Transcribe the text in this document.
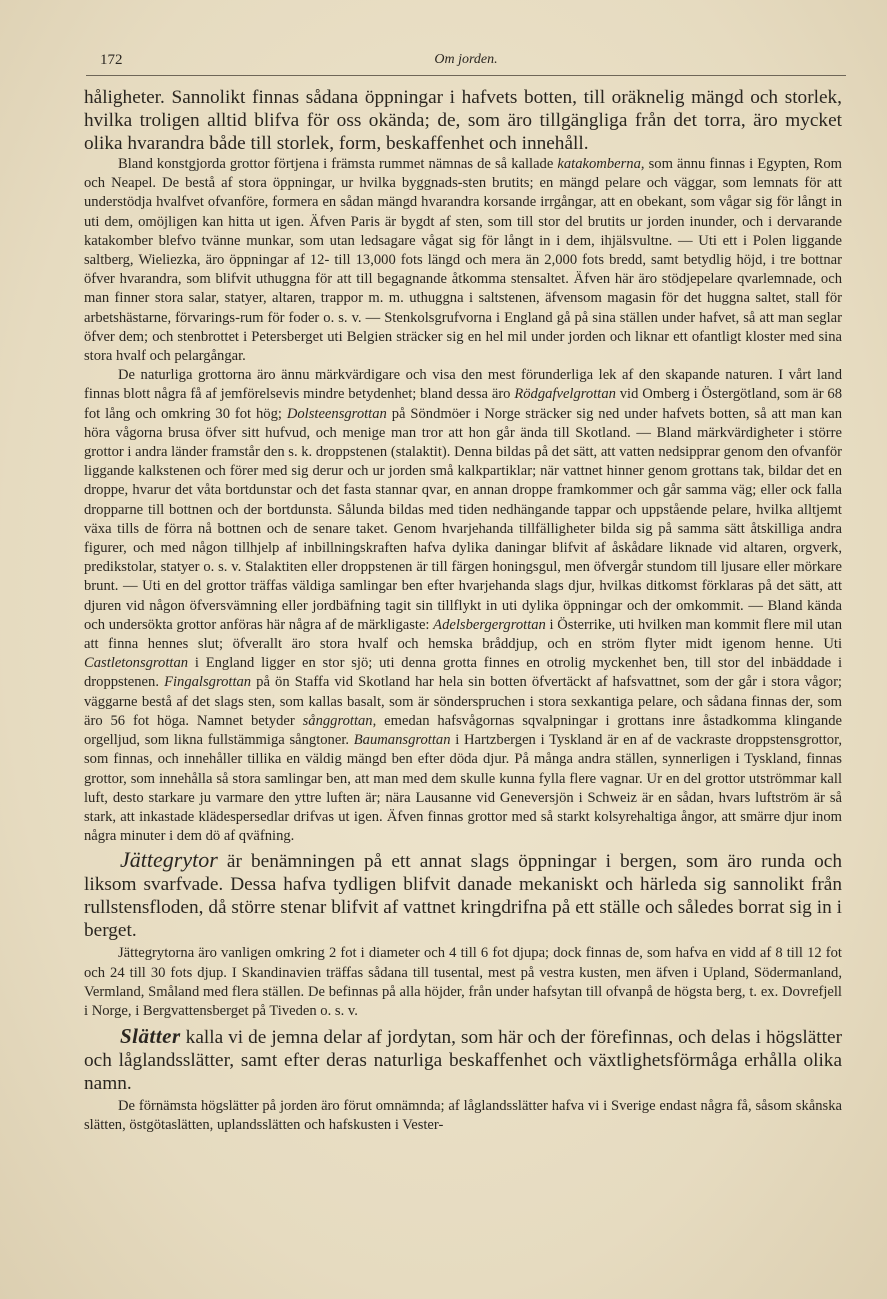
172	Om jorden.

håligheter. Sannolikt finnas sådana öppningar i hafvets botten, till oräknelig mängd och storlek, hvilka troligen alltid blifva för oss okända; de, som äro tillgängliga från det torra, äro mycket olika hvarandra både till storlek, form, beskaffenhet och innehåll.

Bland konstgjorda grottor förtjena i främsta rummet nämnas de så kallade katakomberna, som ännu finnas i Egypten, Rom och Neapel. De bestå af stora öppningar, ur hvilka byggnads-sten brutits; en mängd pelare och väggar, som lemnats för att understödja hvalfvet ofvanföre, formera en sådan mängd hvarandra korsande irrgångar, att en obekant, som vågar sig för långt in uti dem, omöjligen kan hitta ut igen. Äfven Paris är bygdt af sten, som till stor del brutits ur jorden inunder, och i dervarande katakomber blefvo tvänne munkar, som utan ledsagare vågat sig för långt in i dem, ihjälsvultne. — Uti ett i Polen liggande saltberg, Wieliezka, äro öppningar af 12- till 13,000 fots längd och mera än 2,000 fots bredd, samt betydlig höjd, i tre bottnar öfver hvarandra, som blifvit uthuggna för att till begagnande åtkomma stensaltet. Äfven här äro stödjepelare qvarlemnade, och man finner stora salar, statyer, altaren, trappor m. m. uthuggna i saltstenen, äfvensom magasin för det huggna saltet, stall för arbetshästarne, förvarings-rum för foder o. s. v. — Stenkolsgrufvorna i England gå på sina ställen under hafvet, så att man seglar öfver dem; och stenbrottet i Petersberget uti Belgien sträcker sig en hel mil under jorden och liknar ett ofantligt kloster med sina stora hvalf och pelargångar.

De naturliga grottorna äro ännu märkvärdigare och visa den mest förunderliga lek af den skapande naturen. I vårt land finnas blott några få af jemförelsevis mindre betydenhet; bland dessa äro Rödgafvelgrottan vid Omberg i Östergötland, som är 68 fot lång och omkring 30 fot hög; Dolsteensgrottan på Söndmöer i Norge sträcker sig ned under hafvets botten, så att man kan höra vågorna brusa öfver sitt hufvud, och menige man tror att hon går ända till Skotland. — Bland märkvärdigheter i större grottor i andra länder framstår den s. k. droppstenen (stalaktit). Denna bildas på det sätt, att vatten nedsipprar genom den ofvanför liggande kalkstenen och förer med sig derur och ur jorden små kalkpartiklar; när vattnet hinner genom grottans tak, bildar det en droppe, hvarur det våta bortdunstar och det fasta stannar qvar, en annan droppe framkommer och går samma väg; eller ock falla dropparne till bottnen och der bortdunsta. Sålunda bildas med tiden nedhängande tappar och uppstående pelare, hvilka alltjemt växa tills de förra nå bottnen och de senare taket. Genom hvarjehanda tillfälligheter bilda sig på samma sätt åtskilliga andra figurer, och med någon tillhjelp af inbillningskraften hafva dylika daningar blifvit af åskådare liknade vid altaren, orgverk, predikstolar, statyer o. s. v. Stalaktiten eller droppstenen är till färgen honingsgul, men öfvergår stundom till ljusare eller mörkare brunt. — Uti en del grottor träffas väldiga samlingar ben efter hvarjehanda slags djur, hvilkas ditkomst förklaras på det sätt, att djuren vid någon öfversvämning eller jordbäfning tagit sin tillflykt in uti dylika öppningar och der omkommit. — Bland kända och undersökta grottor anföras här några af de märkligaste: Adelsbergergrottan i Österrike, uti hvilken man kommit flere mil utan att finna hennes slut; öfverallt äro stora hvalf och hemska bråddjup, och en ström flyter midt igenom henne. Uti Castletonsgrottan i England ligger en stor sjö; uti denna grotta finnes en otrolig myckenhet ben, till stor del inbäddade i droppstenen. Fingalsgrottan på ön Staffa vid Skotland har hela sin botten öfvertäckt af hafsvattnet, som der går i stora vågor; väggarne bestå af det slags sten, som kallas basalt, som är sönderspruchen i stora sexkantiga pelare, och sådana finnas der, som äro 56 fot höga. Namnet betyder sånggrottan, emedan hafsvågornas sqvalpningar i grottans inre åstadkomma klingande orgelljud, som likna fullstämmiga sångtoner. Baumansgrottan i Hartzbergen i Tyskland är en af de vackraste droppstensgrottor, som finnas, och innehåller tillika en väldig mängd ben efter döda djur. På många andra ställen, synnerligen i Tyskland, finnas grottor, som innehålla så stora samlingar ben, att man med dem skulle kunna fylla flere vagnar. Ur en del grottor utströmmar kall luft, desto starkare ju varmare den yttre luften är; nära Lausanne vid Geneversjön i Schweiz är en sådan, hvars luftström är så stark, att inkastade klädespersedlar drifvas ut igen. Äfven finnas grottor med så starkt kolsyrehaltiga ångor, att smärre djur inom några minuter i dem dö af qväfning.

Jättegrytor är benämningen på ett annat slags öppningar i bergen, som äro runda och liksom svarfvade. Dessa hafva tydligen blifvit danade mekaniskt och härleda sig sannolikt från rullstensfloden, då större stenar blifvit af vattnet kringdrifna på ett ställe och således borrat sig in i berget.

Jättegrytorna äro vanligen omkring 2 fot i diameter och 4 till 6 fot djupa; dock finnas de, som hafva en vidd af 8 till 12 fot och 24 till 30 fots djup. I Skandinavien träffas sådana till tusental, mest på vestra kusten, men äfven i Upland, Södermanland, Vermland, Småland med flera ställen. De befinnas på alla höjder, från under hafsytan till ofvanpå de högsta berg, t. ex. Dovrefjell i Norge, i Bergvattensberget på Tiveden o. s. v.

Slätter kalla vi de jemna delar af jordytan, som här och der förefinnas, och delas i högslätter och låglandsslätter, samt efter deras naturliga beskaffenhet och växtlighetsförmåga erhålla olika namn.

De förnämsta högslätter på jorden äro förut omnämnda; af låglandsslätter hafva vi i Sverige endast några få, såsom skånska slätten, östgötaslätten, uplandsslätten och hafskusten i Vester-
